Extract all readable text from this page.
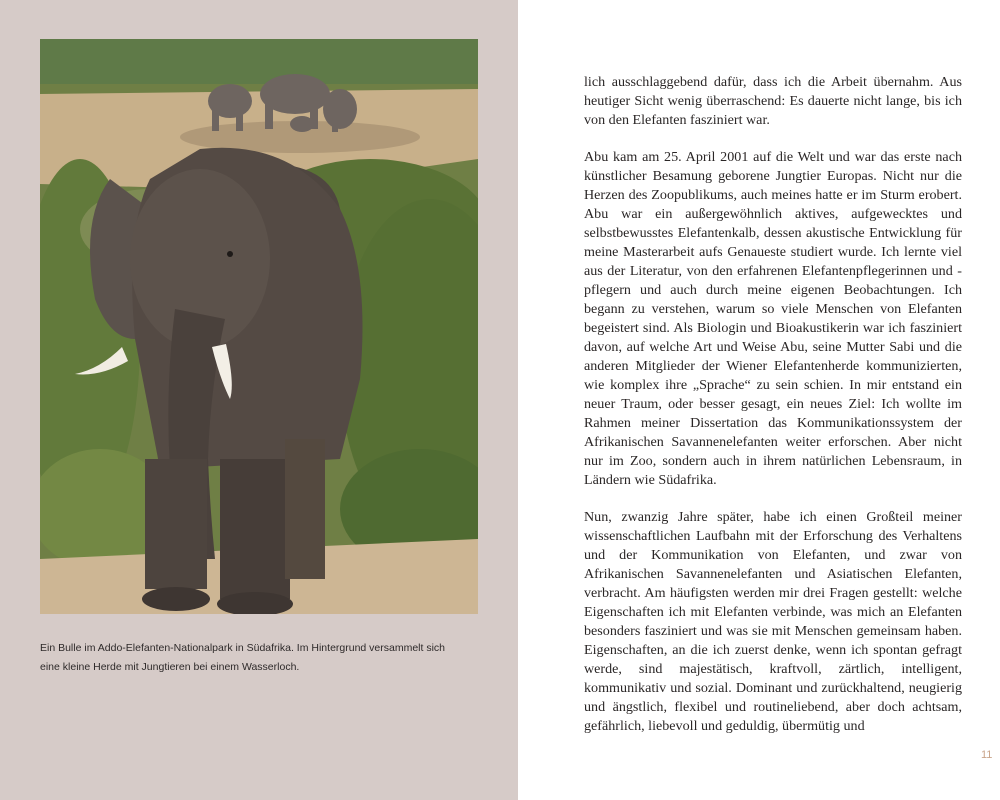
Ein Bulle im Addo-Elefanten-Nationalpark in Südafrika. Im Hintergrund versammelt sich eine kleine Herde mit Jungtieren bei einem Wasserloch.

lich ausschlaggebend dafür, dass ich die Arbeit übernahm. Aus heutiger Sicht wenig überraschend: Es dauerte nicht lange, bis ich von den Elefanten fasziniert war.

Abu kam am 25. April 2001 auf die Welt und war das erste nach künstlicher Besamung geborene Jungtier Europas. Nicht nur die Herzen des Zoopublikums, auch meines hatte er im Sturm erobert. Abu war ein außergewöhnlich aktives, aufgewecktes und selbstbewusstes Elefantenkalb, dessen akustische Entwicklung für meine Masterarbeit aufs Genaueste studiert wurde. Ich lernte viel aus der Literatur, von den erfahrenen Elefantenpflegerinnen und -pflegern und auch durch meine eigenen Beobachtungen. Ich begann zu verstehen, warum so viele Menschen von Elefanten begeistert sind. Als Biologin und Bioakustikerin war ich fasziniert davon, auf welche Art und Weise Abu, seine Mutter Sabi und die anderen Mitglieder der Wiener Elefantenherde kommunizierten, wie komplex ihre „Sprache“ zu sein schien. In mir entstand ein neuer Traum, oder besser gesagt, ein neues Ziel: Ich wollte im Rahmen meiner Dissertation das Kommunikationssystem der Afrikanischen Savannenelefanten weiter erforschen. Aber nicht nur im Zoo, sondern auch in ihrem natürlichen Lebensraum, in Ländern wie Südafrika.

Nun, zwanzig Jahre später, habe ich einen Großteil meiner wissenschaftlichen Laufbahn mit der Erforschung des Verhaltens und der Kommunikation von Elefanten, und zwar von Afrikanischen Savannenelefanten und Asiatischen Elefanten, verbracht. Am häufigsten werden mir drei Fragen gestellt: welche Eigenschaften ich mit Elefanten verbinde, was mich an Elefanten besonders fasziniert und was sie mit Menschen gemeinsam haben. Eigenschaften, an die ich zuerst denke, wenn ich spontan gefragt werde, sind majestätisch, kraftvoll, zärtlich, intelligent, kommunikativ und sozial. Dominant und zurückhaltend, neugierig und ängstlich, flexibel und routineliebend, aber doch achtsam, gefährlich, liebevoll und geduldig, übermütig und

11
